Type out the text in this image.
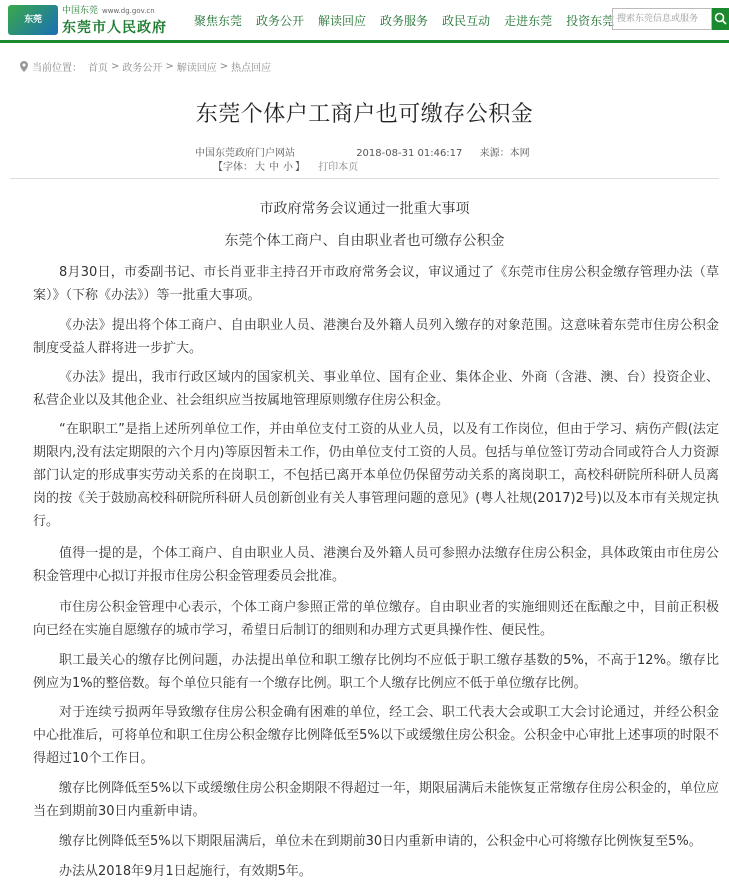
东莞 Dongguan
中国东莞 www.dg.gov.cn
东莞市人民政府 聚焦东莞 政务公开 解读回应 政务服务 政民互动 走进东莞 投资东莞 搜索东莞信息或服务
当前位置： 首页 > 政务公开 > 解读回应 > 热点回应
东莞个体户工商户也可缴存公积金
中国东莞政府门户网站	2018-08-31 01:46:17 来源：本网
【字体： 大 中 小 】 打印本页
市政府常务会议通过一批重大事项
东莞个体工商户、自由职业者也可缴存公积金
8月30日，市委副书记、市长肖亚非主持召开市政府常务会议，审议通过了《东莞市住房公积金缴存管理办法（草案）》（下称《办法》）等一批重大事项。
《办法》提出将个体工商户、自由职业人员、港澳台及外籍人员列入缴存的对象范围。这意味着东莞市住房公积金制度受益人群将进一步扩大。
《办法》提出，我市行政区域内的国家机关、事业单位、国有企业、集体企业、外商（含港、澳、台）投资企业、私营企业以及其他企业、社会组织应当按属地管理原则缴存住房公积金。
“在职职工”是指上述所列单位工作，并由单位支付工资的从业人员，以及有工作岗位，但由于学习、病伤产假(法定期限内,没有法定期限的六个月内)等原因暂未工作，仍由单位支付工资的人员。包括与单位签订劳动合同或符合人力资源部门认定的形成事实劳动关系的在岗职工，不包括已离开本单位仍保留劳动关系的离岗职工，高校科研院所科研人员离岗的按《关于鼓励高校科研院所科研人员创新创业有关人事管理问题的意见》(粤人社规(2017)2号)以及本市有关规定执行。
值得一提的是，个体工商户、自由职业人员、港澳台及外籍人员可参照办法缴存住房公积金，具体政策由市住房公积金管理中心拟订并报市住房公积金管理委员会批准。
市住房公积金管理中心表示，个体工商户参照正常的单位缴存。自由职业者的实施细则还在酝酿之中，目前正积极向已经在实施自愿缴存的城市学习，希望日后制订的细则和办理方式更具操作性、便民性。
职工最关心的缴存比例问题，办法提出单位和职工缴存比例均不应低于职工缴存基数的5%，不高于12%。缴存比例应为1%的整倍数。每个单位只能有一个缴存比例。职工个人缴存比例应不低于单位缴存比例。
对于连续亏损两年导致缴存住房公积金确有困难的单位，经工会、职工代表大会或职工大会讨论通过，并经公积金中心批准后，可将单位和职工住房公积金缴存比例降低至5%以下或缓缴住房公积金。公积金中心审批上述事项的时限不得超过10个工作日。
缴存比例降低至5%以下或缓缴住房公积金期限不得超过一年，期限届满后未能恢复正常缴存住房公积金的，单位应当在到期前30日内重新申请。
缴存比例降低至5%以下期限届满后，单位未在到期前30日内重新申请的，公积金中心可将缴存比例恢复至5%。
办法从2018年9月1日起施行，有效期5年。
